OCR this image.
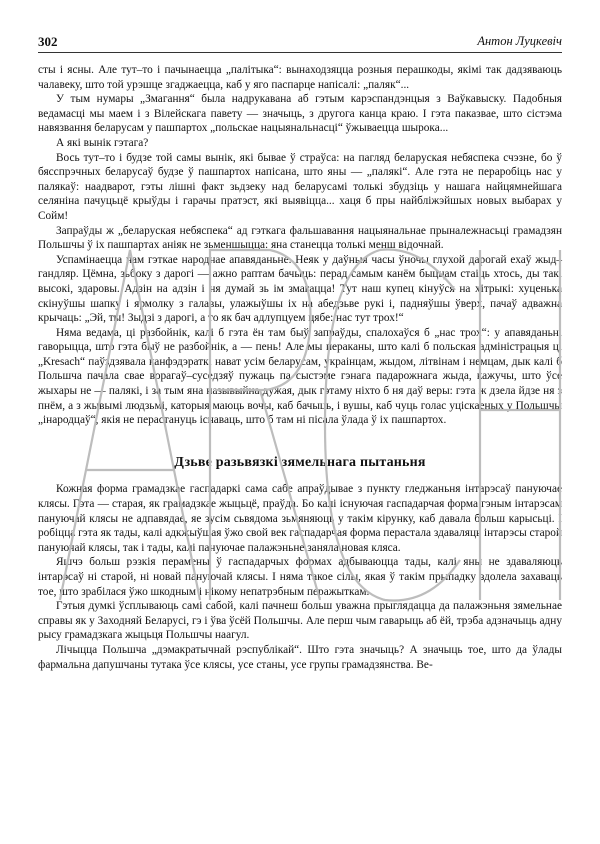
302	Антон Луцкевіч

сты і ясны. Але тут–то і пачынаецца „палітыка“: вынаходзяцца розныя перашкоды, якімі так дадзяваюць чалавеку, што той урэшце згаджаецца, каб у яго паспарце напісалі: „паляк“...

У тым нумары „Змагання“ была надрукавана аб гэтым карэспандэнцыя з Ваўкавыску. Падобныя ведамасці мы маем і з Вілейскага павету — значыць, з другога канца краю. І гэта паказвае, што сістэма навязвання беларусам у пашпартох „польскае нацыянальнасці“ ўжываецца шырока...

А які вынік гэтага?

Вось тут–то і будзе той самы вынік, які бывае ў страўса: на пагляд беларуская небяспека счэзне, бо ў бясспрэчных беларусаў будзе ў пашпартох напісана, што яны — „палякі“. Але гэта не пераробіць нас у палякаў: наадварот, гэты лішні факт зьдзеку над беларусамі толькі збудзіць у нашага найцямнейшага селяніна пачуцьцё крыўды і гарачы пратэст, які выявіцца... хаця б пры найбліжэйшых новых выбарах у Сойм!

Запраўды ж „беларуская небяспека“ ад гэткага фальшавання нацыянальнае прыналежнасьці грамадзян Польшчы ў іх пашпартах аніяк не зьменшыцца: яна станецца толькі менш відочнай.

Успамінаецца нам гэткае народнае апавяданьне. Неяк у даўныя часы ўночы глухой дарогай ехаў жыд–гандляр. Цёмна, зьбоку з дарогі — ажно раптам бачыць: перад самым канём быццам стаіць хтось, ды такі высокі, здаровы. Адзін на адзін і ня думай зь ім змагацца! Тут наш купец кінуўся на хітрыкі: хуценька скінуўшы шапку і ярмолку з галавы, улажыўшы іх на абедзьве рукі і, падняўшы ўверх, пачаў адважна крычаць: „Эй, ты! Зыдзі з дарогі, а то як бач адлупцуем цябе: нас тут трох!“

Няма ведама, ці разбойнік, калі б гэта ён там быў запраўды, спалохаўся б „нас трох“: у апавяданьні гаворыцца, што гэта быў не разбойнік, а — пень! Але мы пераканы, што калі б польская адміністрацыя ці „Kresach“ паўздзявала канфэдэраткі нават усім беларусам, украінцам, жыдом, літвінам і немцам, дык калі б Польшча пачала свае ворагаў–суседзяў пужаць па сыстэме гэнага падарожнага жыда, кажучы, што ўсе жыхары не — палякі, і за тым яна назывыйна дужая, дык гэтаму ніхто б ня даў веры: гэта ж дзела йдзе ня з пнём, а з жывымі людзьмі, каторыя маюць вочы, каб бачыць, і вушы, каб чуць голас уціскаеных у Польшчы „інародцаў“, якія не перастануць існаваць, што б там ні пісала ўлада ў іх пашпартох.

Дзьве разьвязкі зямельнага пытаньня

Кожная форма грамадзкае гаспадаркі сама сабе апраўдывае з пункту гледжаньня інтарэсаў пануючае клясы. Гэта — старая, як грамадзкае жыцьцё, праўда. Бо калі існуючая гаспадарчая форма гэным інтарэсам пануючай клясы не адпавядае, яе зусім сьвядома зьмяняюць у такім кірунку, каб давала больш карысьці. І робіцца гэта як тады, калі адкжыўшая ўжо свой век гаспадарчая форма перастала здаваляць інтарэсы старой пануючай клясы, так і тады, калі пануючае палажэньне заняла новая кляса.

Яшчэ больш рэзкія перамены ў гаспадарчых формах адбываюцца тады, калі яны не здаваляюць інтарэсаў ні старой, ні новай пануючай клясы. І няма такое сілы, якая ў такім прыпадку здолела захаваць тое, што зрабілася ўжо шкодным і нікому непатрэбным перажыткам.

Гэтыя думкі ўсплываюць самі сабой, калі пачнеш больш уважна прыглядацца да палажэньня зямельнае справы як у Заходняй Беларусі, гэ і ўва ўсёй Польшчы. Але перш чым гаварыць аб ёй, трэба адзначыць адну рысу грамадзкага жыцьця Польшчы наагул.

Лічыцца Польшча „дэмакратычнай рэспублікай“. Што гэта значыць? А значыць тое, што да ўлады фармальна дапушчаны тутака ўсе клясы, усе станы, усе групы грамадзянства. Ве-
